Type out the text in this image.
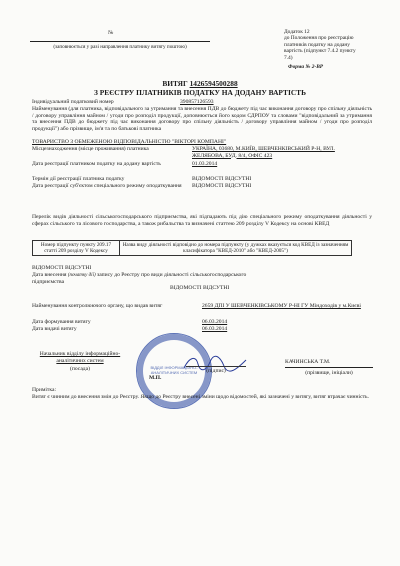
№
(заповнюється у разі направлення платнику витягу поштою)
Додаток 12
до Положення про реєстрацію
платників податку на додану
вартість (підпункт 7.4.2 пункту
7.4)
Форма № 2-ВР
ВИТЯГ 1426594500288
З РЕЄСТРУ ПЛАТНИКІВ ПОДАТКУ НА ДОДАНУ ВАРТІСТЬ
Індивідуальний податковий номер	390857126593
Найменування (для платника, відповідального за утримання та внесення ПДВ до бюджету під час виконання договору про спільну діяльність / договору управління майном / угоди про розподіл продукції, доповнюється його кодом СДРПОУ та словами "відповідальний за утримання та внесення ПДВ до бюджету під час виконання договору про спільну діяльність / договору управління майном / угоди про розподіл продукції") або прізвище, ім'я та по батькові платника
ТОВАРИСТВО З ОБМЕЖЕНОЮ ВІДПОВІДАЛЬНІСТЮ "ВІКТОРІ КОМПАНІ"
Місцезнаходження (місце проживання) платника	УКРАЇНА, 03680, М.КИЇВ, ШЕВЧЕНКІВСЬКИЙ Р-Н, ВУЛ. ЖЕЛЯБОВА, БУД. 8/4, ОФІС 423
Дата реєстрації платником податку на додану вартість	01.03.2014
Термін дії реєстрації платника податку	ВІДОМОСТІ ВІДСУТНІ
Дата реєстрації суб'єктом спеціального режиму оподаткування ВІДОМОСТІ ВІДСУТНІ
Перелік видів діяльності сільськогосподарського підприємства, які підпадають під дію спеціального режиму оподаткування діяльності у сферах сільського та лісового господарства, а також рибальства та визначені статтею 209 розділу V Кодексу на основі КВЕД
Номер підпункту пункту 209.17 статті 209 розділу V Кодексу	Назва виду діяльності відповідно до номера підпункту (у дужках вказується код КВЕД із зазначенням класифікатора "КВЕД-2010" або "КВЕД-2005")
ВІДОМОСТІ ВІДСУТНІ
Дата внесення (початку дії) запису до Реєстру про види діяльності сільськогосподарського підприємства
ВІДОМОСТІ ВІДСУТНІ
Найменування контролюючого органу, що видав витяг	2659 ДПІ У ШЕВЧЕНКІВСЬКОМУ Р-НІ ГУ Міндоходів у м.Києві
Дата формування витягу	06.03.2014
Дата видачі витягу	06.03.2014
ВІДДІЛ ІНФОРМАЦІЙНО-АНАЛІТИЧНИХ СИСТЕМ
Начальник відділу інформаційно-
аналітичних систем
(посада)	(підпис)
М.П.
КАЧИНСЬКА Т.М.
(прізвище, ініціали)
Примітка:
Витяг є чинним до внесення змін до Реєстру. Якщо до Реєстру внесені зміни щодо відомостей, які зазначені у витягу, витяг втрачає чинність.
